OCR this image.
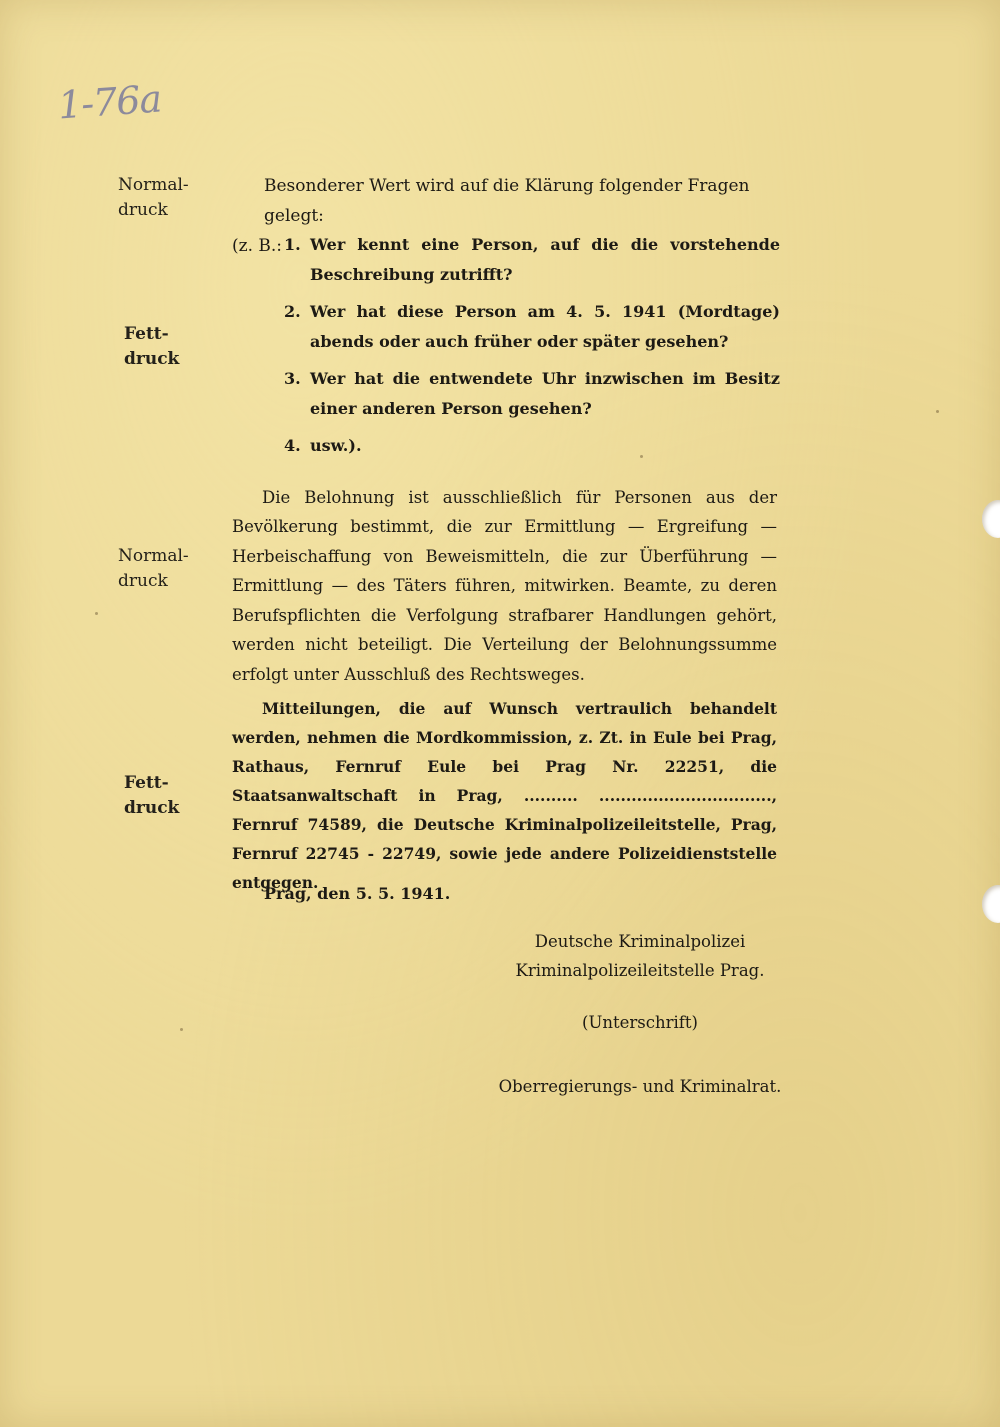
1-76a
Normal-
druck
Fett-
druck
Normal-
druck
Fett-
druck
Besonderer Wert wird auf die Klärung folgender Fragen gelegt:
(z. B.: 1. Wer kennt eine Person, auf die die vorstehende Beschreibung zutrifft?
2. Wer hat diese Person am 4. 5. 1941 (Mordtage) abends oder auch früher oder später gesehen?
3. Wer hat die entwendete Uhr inzwischen im Besitz einer anderen Person gesehen?
4. usw.).

Die Belohnung ist ausschließlich für Personen aus der Bevölkerung bestimmt, die zur Ermittlung — Ergreifung — Herbeischaffung von Beweismitteln, die zur Überführung — Ermittlung — des Täters führen, mitwirken. Beamte, zu deren Berufspflichten die Verfolgung strafbarer Handlungen gehört, werden nicht beteiligt. Die Verteilung der Belohnungssumme erfolgt unter Ausschluß des Rechtsweges.

Mitteilungen, die auf Wunsch vertraulich behandelt werden, nehmen die Mordkommission, z. Zt. in Eule bei Prag, Rathaus, Fernruf Eule bei Prag Nr. 22251, die Staatsanwaltschaft in Prag, .......... ................................, Fernruf 74589, die Deutsche Kriminalpolizeileitstelle, Prag, Fernruf 22745 - 22749, sowie jede andere Polizeidienststelle entgegen.

Prag, den 5. 5. 1941.
Deutsche Kriminalpolizei
Kriminalpolizeileitstelle Prag.
(Unterschrift)
Oberregierungs- und Kriminalrat.
